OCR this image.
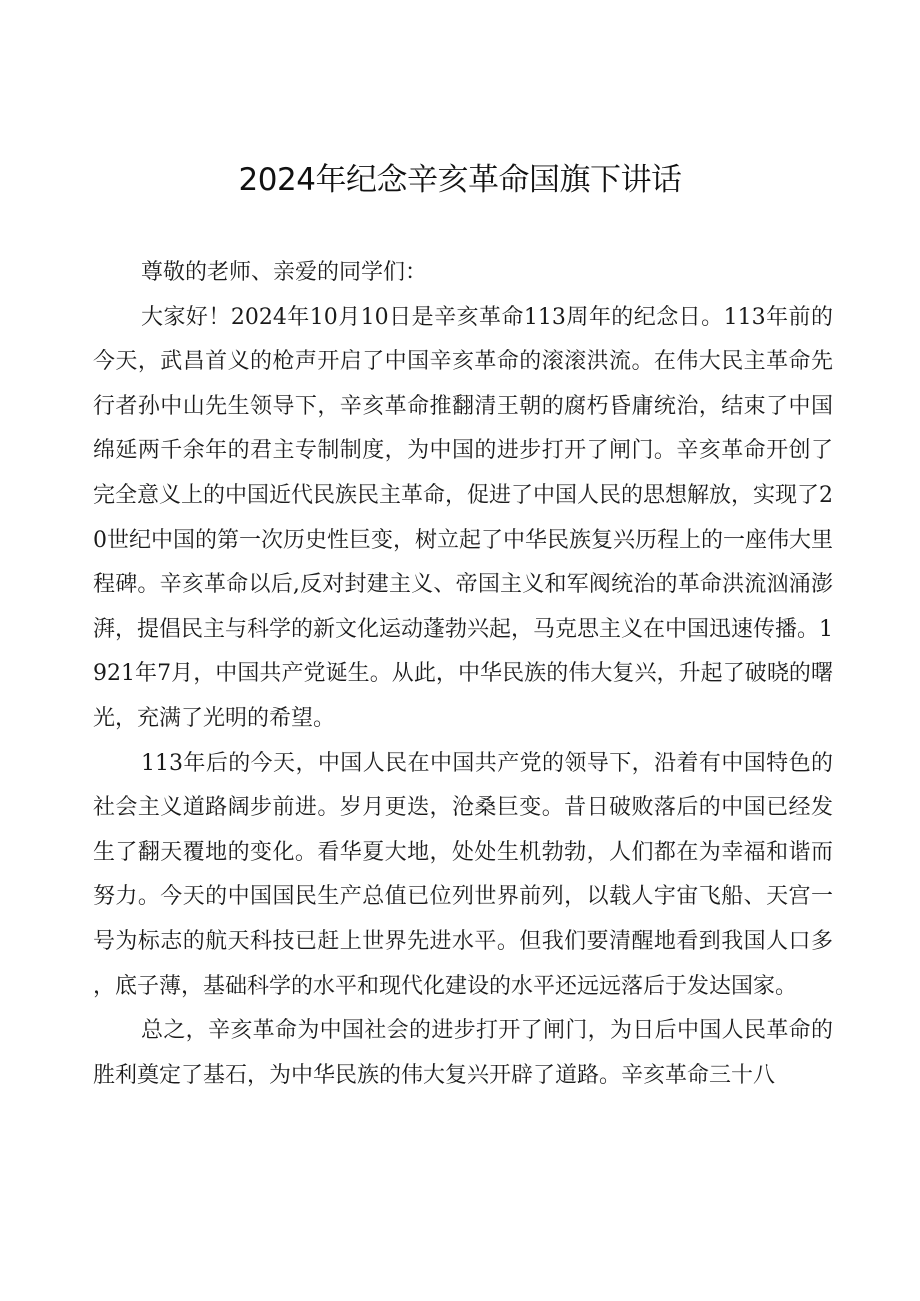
2024年纪念辛亥革命国旗下讲话

尊敬的老师、亲爱的同学们：

大家好！2024年10月10日是辛亥革命113周年的纪念日。113年前的今天，武昌首义的枪声开启了中国辛亥革命的滚滚洪流。在伟大民主革命先行者孙中山先生领导下，辛亥革命推翻清王朝的腐朽昏庸统治，结束了中国绵延两千余年的君主专制制度，为中国的进步打开了闸门。辛亥革命开创了完全意义上的中国近代民族民主革命，促进了中国人民的思想解放，实现了20世纪中国的第一次历史性巨变，树立起了中华民族复兴历程上的一座伟大里程碑。辛亥革命以后,反对封建主义、帝国主义和军阀统治的革命洪流汹涌澎湃，提倡民主与科学的新文化运动蓬勃兴起，马克思主义在中国迅速传播。1921年7月，中国共产党诞生。从此，中华民族的伟大复兴，升起了破晓的曙光，充满了光明的希望。

113年后的今天，中国人民在中国共产党的领导下，沿着有中国特色的社会主义道路阔步前进。岁月更迭，沧桑巨变。昔日破败落后的中国已经发生了翻天覆地的变化。看华夏大地，处处生机勃勃，人们都在为幸福和谐而努力。今天的中国国民生产总值已位列世界前列，以载人宇宙飞船、天宫一号为标志的航天科技已赶上世界先进水平。但我们要清醒地看到我国人口多，底子薄，基础科学的水平和现代化建设的水平还远远落后于发达国家。

总之，辛亥革命为中国社会的进步打开了闸门，为日后中国人民革命的胜利奠定了基石，为中华民族的伟大复兴开辟了道路。辛亥革命三十八
